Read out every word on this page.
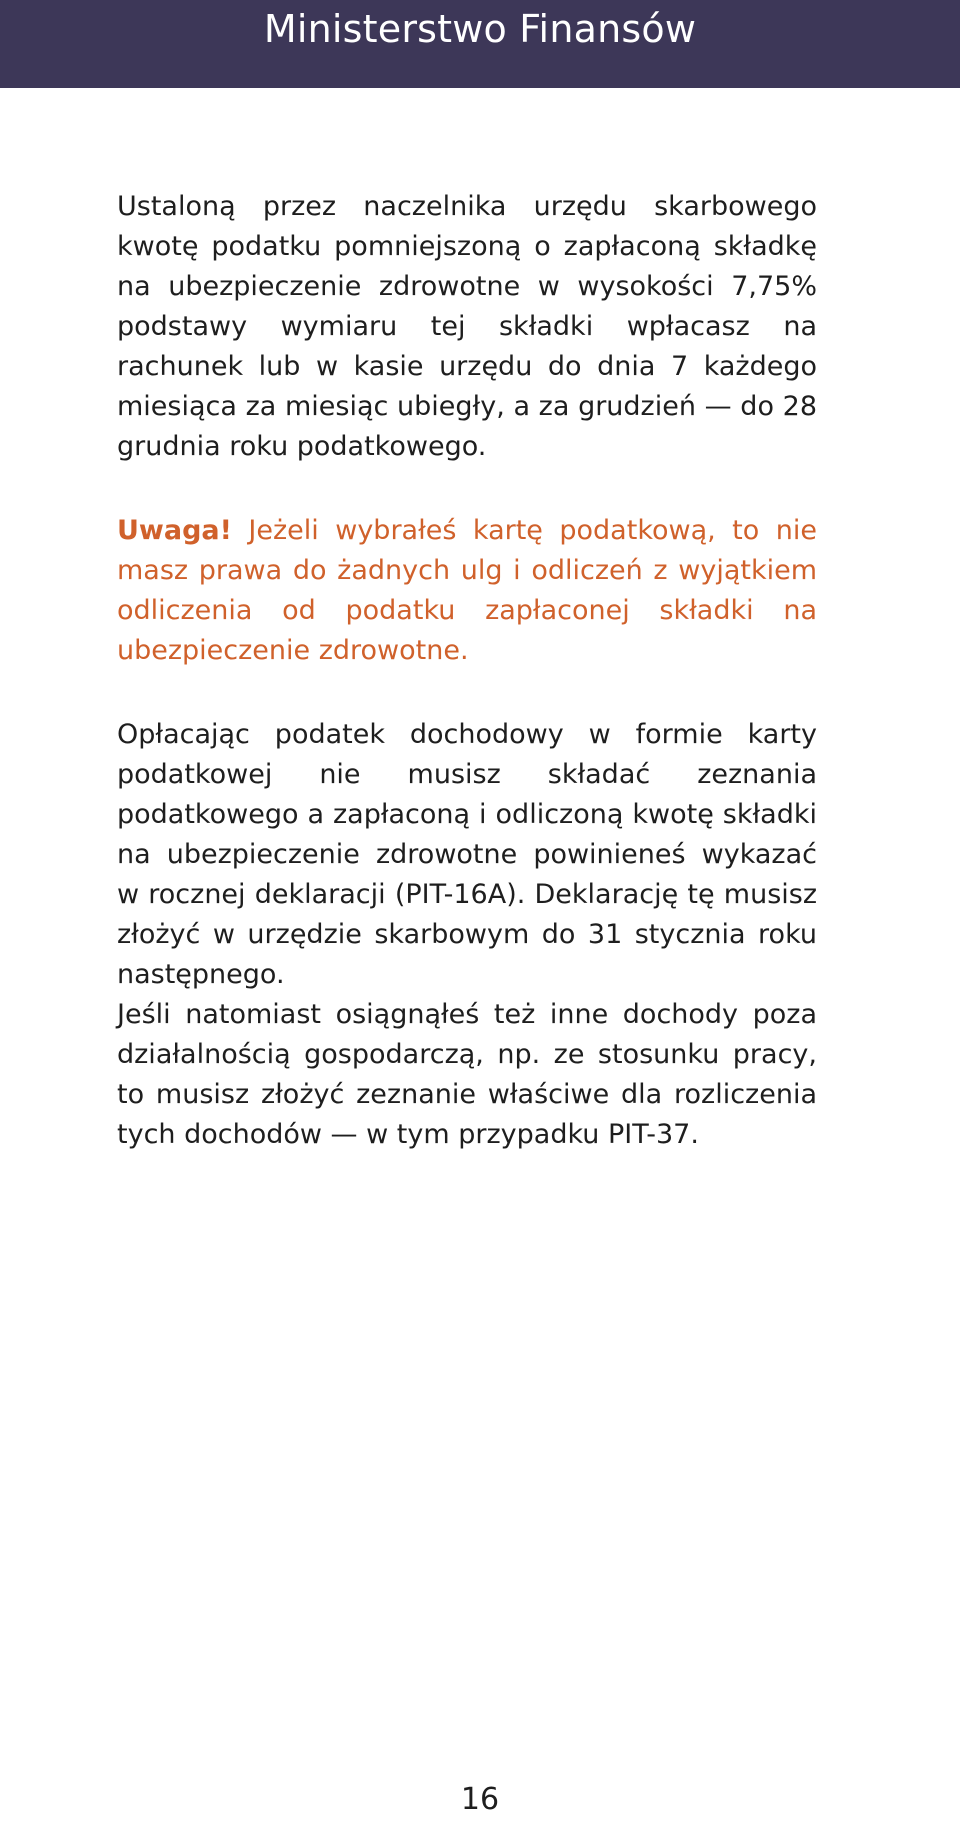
Ministerstwo Finansów

Ustaloną przez naczelnika urzędu skarbowego kwotę podatku pomniejszoną o zapłaconą składkę na ubezpieczenie zdrowotne w wysokości 7,75% podstawy wymiaru tej składki wpłacasz na rachunek lub w kasie urzędu do dnia 7 każdego miesiąca za miesiąc ubiegły, a za grudzień — do 28 grudnia roku podatkowego.

Uwaga! Jeżeli wybrałeś kartę podatkową, to nie masz prawa do żadnych ulg i odliczeń z wyjątkiem odliczenia od podatku zapłaconej składki na ubezpieczenie zdrowotne.

Opłacając podatek dochodowy w formie karty podatkowej nie musisz składać zeznania podatkowego a zapłaconą i odliczoną kwotę składki na ubezpieczenie zdrowotne powinieneś wykazać w rocznej deklaracji (PIT-16A). Deklarację tę musisz złożyć w urzędzie skarbowym do 31 stycznia roku następnego.

Jeśli natomiast osiągnąłeś też inne dochody poza działalnością gospodarczą, np. ze stosunku pracy, to musisz złożyć zeznanie właściwe dla rozliczenia tych dochodów — w tym przypadku PIT-37.

16
